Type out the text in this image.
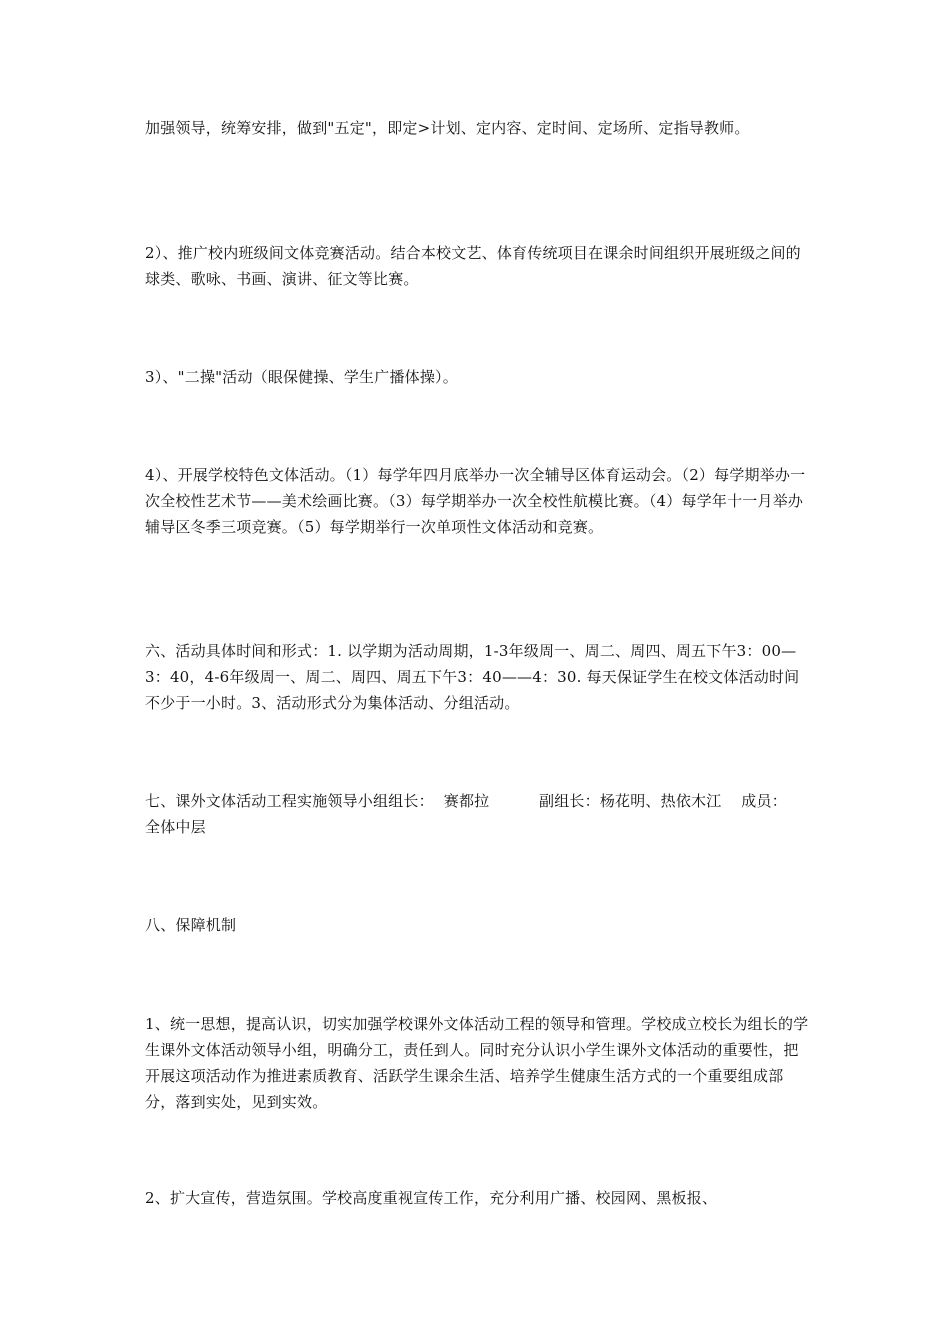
加强领导，统筹安排，做到"五定"，即定>计划、定内容、定时间、定场所、定指导教师。

2）、推广校内班级间文体竞赛活动。结合本校文艺、体育传统项目在课余时间组织开展班级之间的球类、歌咏、书画、演讲、征文等比赛。

3）、"二操"活动（眼保健操、学生广播体操）。

4）、开展学校特色文体活动。（1）每学年四月底举办一次全辅导区体育运动会。（2）每学期举办一次全校性艺术节——美术绘画比赛。（3）每学期举办一次全校性航模比赛。（4）每学年十一月举办辅导区冬季三项竞赛。（5）每学期举行一次单项性文体活动和竞赛。

六、活动具体时间和形式：1. 以学期为活动周期，1-3年级周一、周二、周四、周五下午3：00—3：40，4-6年级周一、周二、周四、周五下午3：40——4：30. 每天保证学生在校文体活动时间不少于一小时。3、活动形式分为集体活动、分组活动。

七、课外文体活动工程实施领导小组组长：  赛都拉          副组长：杨花明、热依木江    成员：  全体中层

八、保障机制

1、统一思想，提高认识，切实加强学校课外文体活动工程的领导和管理。学校成立校长为组长的学生课外文体活动领导小组，明确分工，责任到人。同时充分认识小学生课外文体活动的重要性，把开展这项活动作为推进素质教育、活跃学生课余生活、培养学生健康生活方式的一个重要组成部分，落到实处，见到实效。

2、扩大宣传，营造氛围。学校高度重视宣传工作，充分利用广播、校园网、黑板报、
